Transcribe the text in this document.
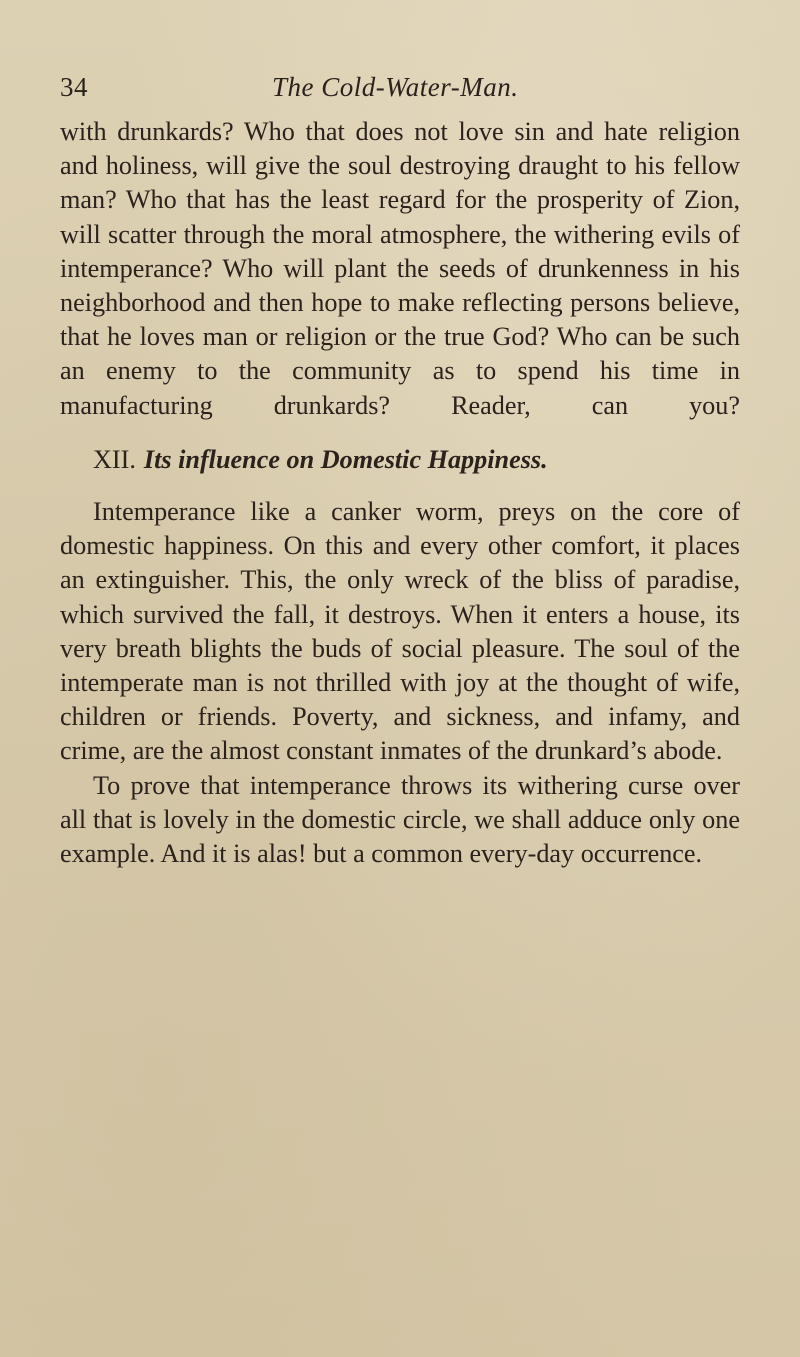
34	The Cold-Water-Man.

with drunkards? Who that does not love sin and hate religion and holiness, will give the soul destroying draught to his fellow man? Who that has the least regard for the prosperity of Zion, will scatter through the moral atmosphere, the withering evils of intemperance? Who will plant the seeds of drunkenness in his neighborhood and then hope to make reflecting persons believe, that he loves man or religion or the true God? Who can be such an enemy to the community as to spend his time in manufacturing drunkards? Reader, can you?

XII. Its influence on Domestic Happiness.

Intemperance like a canker worm, preys on the core of domestic happiness. On this and every other comfort, it places an extinguisher. This, the only wreck of the bliss of paradise, which survived the fall, it destroys. When it enters a house, its very breath blights the buds of social pleasure. The soul of the intemperate man is not thrilled with joy at the thought of wife, children or friends. Poverty, and sickness, and infamy, and crime, are the almost constant inmates of the drunkard’s abode.

To prove that intemperance throws its withering curse over all that is lovely in the domestic circle, we shall adduce only one example. And it is alas! but a common every-day occurrence.
